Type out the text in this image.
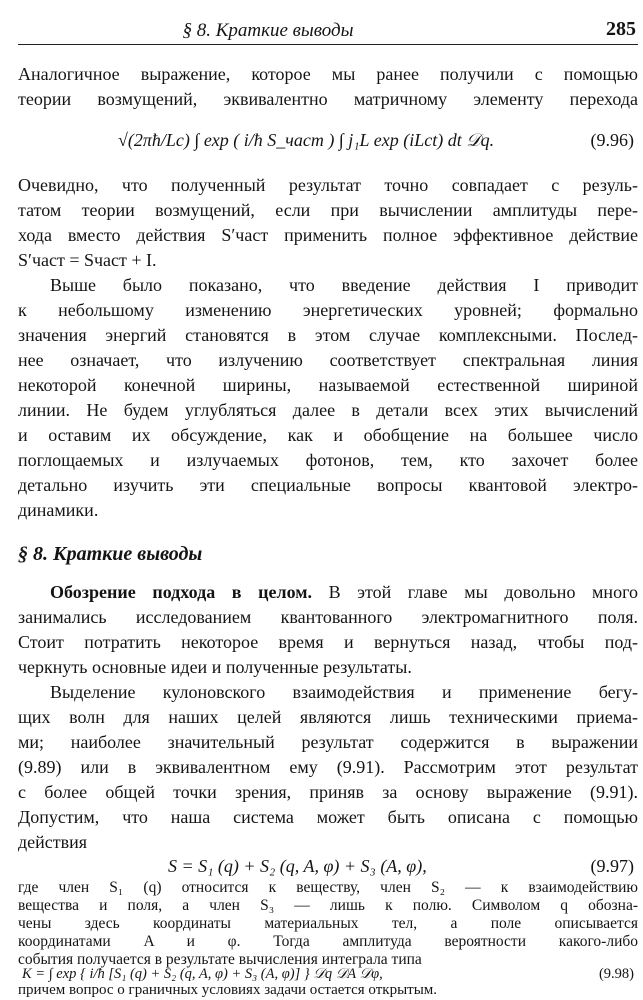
§ 8. Краткие выводы	285
Аналогичное выражение, которое мы ранее получили с помощью
теории возмущений, эквивалентно матричному элементу перехода
√(2πħ/Lc) ∫ exp ( i/ħ S_част ) ∫ j₁L exp (iLct) dt 𝒟q.	(9.96)
Очевидно, что полученный результат точно совпадает с резуль-
татом теории возмущений, если при вычислении амплитуды пере-
хода вместо действия S′част применить полное эффективное действие
S′част = Sчаст + I.
Выше было показано, что введение действия I приводит
к небольшому изменению энергетических уровней; формально
значения энергий становятся в этом случае комплексными. Послед-
нее означает, что излучению соответствует спектральная линия
некоторой конечной ширины, называемой естественной шириной
линии. Не будем углубляться далее в детали всех этих вычислений
и оставим их обсуждение, как и обобщение на большее число
поглощаемых и излучаемых фотонов, тем, кто захочет более
детально изучить эти специальные вопросы квантовой электро-
динамики.
§ 8. Краткие выводы
Обозрение подхода в целом. В этой главе мы довольно много
занимались исследованием квантованного электромагнитного поля.
Стоит потратить некоторое время и вернуться назад, чтобы под-
черкнуть основные идеи и полученные результаты.
Выделение кулоновского взаимодействия и применение бегу-
щих волн для наших целей являются лишь техническими приема-
ми; наиболее значительный результат содержится в выражении
(9.89) или в эквивалентном ему (9.91). Рассмотрим этот результат
с более общей точки зрения, приняв за основу выражение (9.91).
Допустим, что наша система может быть описана с помощью
действия
S = S₁ (q) + S₂ (q, A, φ) + S₃ (A, φ),	(9.97)
где член S₁ (q) относится к веществу, член S₂ — к взаимодействию
вещества и поля, а член S₃ — лишь к полю. Символом q обозна-
чены здесь координаты материальных тел, а поле описывается
координатами A и φ. Тогда амплитуда вероятности какого-либо
события получается в результате вычисления интеграла типа
K = ∫ exp { i/ħ [S₁ (q) + S₂ (q, A, φ) + S₃ (A, φ)] } 𝒟q 𝒟A 𝒟φ,	(9.98)
причем вопрос о граничных условиях задачи остается открытым.
